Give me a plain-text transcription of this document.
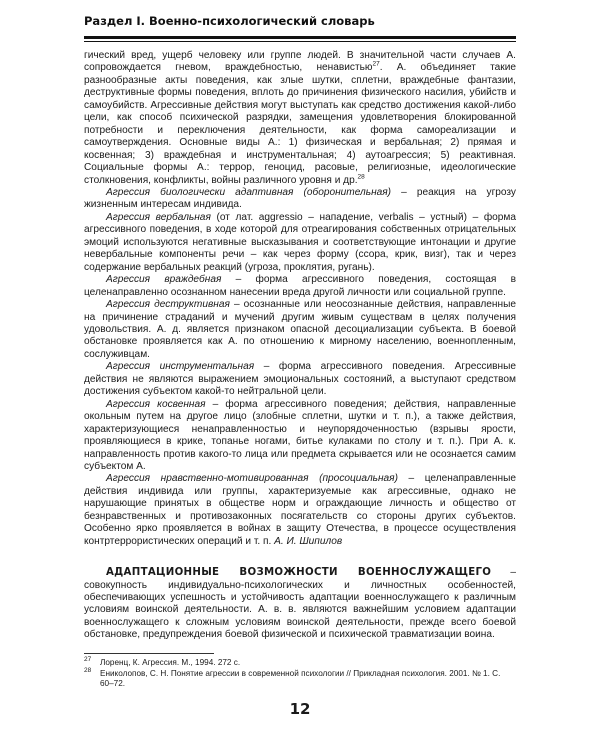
Раздел I. Военно-психологический словарь

гический вред, ущерб человеку или группе людей. В значительной части случаев А. сопровождается гневом, враждебностью, ненавистью$^{27}$. А. объединяет такие разнообразные акты поведения, как злые шутки, сплетни, враждебные фантазии, деструктивные формы поведения, вплоть до причинения физического насилия, убийств и самоубийств. Агрессивные действия могут выступать как средство достижения какой-либо цели, как способ психической разрядки, замещения удовлетворения блокированной потребности и переключения деятельности, как форма самореализации и самоутверждения. Основные виды А.: 1) физическая и вербальная; 2) прямая и косвенная; 3) враждебная и инструментальная; 4) аутоагрессия; 5) реактивная. Социальные формы А.: террор, геноцид, расовые, религиозные, идеологические столкновения, конфликты, войны различного уровня и др.$^{28}$

Агрессия биологически адаптивная (оборонительная) – реакция на угрозу жизненным интересам индивида.

Агрессия вербальная (от лат. aggressio – нападение, verbalis – устный) – форма агрессивного поведения, в ходе которой для отреагирования собственных отрицательных эмоций используются негативные высказывания и соответствующие интонации и другие невербальные компоненты речи – как через форму (ссора, крик, визг), так и через содержание вербальных реакций (угроза, проклятия, ругань).

Агрессия враждебная – форма агрессивного поведения, состоящая в целенаправленно осознанном нанесении вреда другой личности или социальной группе.

Агрессия деструктивная – осознанные или неосознанные действия, направленные на причинение страданий и мучений другим живым существам в целях получения удовольствия. А. д. является признаком опасной десоциализации субъекта. В боевой обстановке проявляется как А. по отношению к мирному населению, военнопленным, сослуживцам.

Агрессия инструментальная – форма агрессивного поведения. Агрессивные действия не являются выражением эмоциональных состояний, а выступают средством достижения субъектом какой-то нейтральной цели.

Агрессия косвенная – форма агрессивного поведения; действия, направленные окольным путем на другое лицо (злобные сплетни, шутки и т. п.), а также действия, характеризующиеся ненаправленностью и неупорядоченностью (взрывы ярости, проявляющиеся в крике, топанье ногами, битье кулаками по столу и т. п.). При А. к. направленность против какого-то лица или предмета скрывается или не осознается самим субъектом А.

Агрессия нравственно-мотивированная (просоциальная) – целенаправленные действия индивида или группы, характеризуемые как агрессивные, однако не нарушающие принятых в обществе норм и ограждающие личность и общество от безнравственных и противозаконных посягательств со стороны других субъектов. Особенно ярко проявляется в войнах в защиту Отечества, в процессе осуществления контртеррористических операций и т. п. А. И. Шипилов

АДАПТАЦИОННЫЕ ВОЗМОЖНОСТИ ВОЕННОСЛУЖАЩЕГО – совокупность индивидуально-психологических и личностных особенностей, обеспечивающих успешность и устойчивость адаптации военнослужащего к различным условиям воинской деятельности. А. в. в. являются важнейшим условием адаптации военнослужащего к сложным условиям воинской деятельности, прежде всего боевой обстановке, предупреждения боевой физической и психической травматизации воина.

27 Лоренц, К. Агрессия. М., 1994. 272 с.
28 Ениколопов, С. Н. Понятие агрессии в современной психологии // Прикладная психология. 2001. № 1. С. 60–72.
12
